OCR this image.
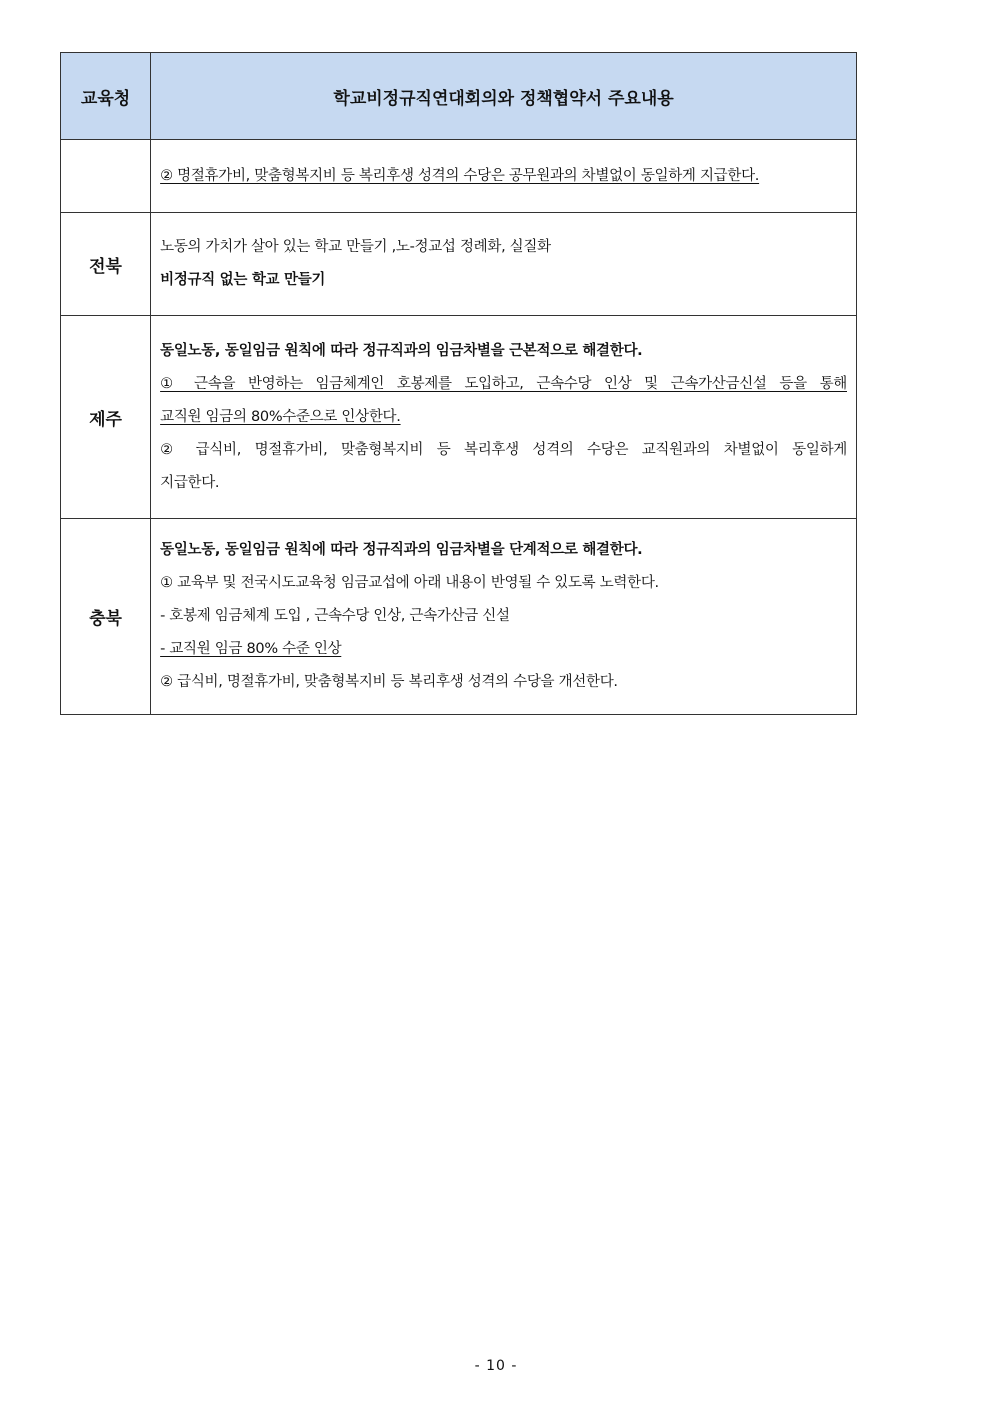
교육청	학교비정규직연대회의와 정책협약서 주요내용

	② 명절휴가비, 맞춤형복지비 등 복리후생 성격의 수당은 공무원과의 차별없이 동일하게 지급한다.

전북	노동의 가치가 살아 있는 학교 만들기 ,노-정교섭 정례화, 실질화
비정규직 없는 학교 만들기

제주	동일노동, 동일임금 원칙에 따라 정규직과의 임금차별을 근본적으로 해결한다.
① 근속을 반영하는 임금체계인 호봉제를 도입하고, 근속수당 인상 및 근속가산금신설 등을 통해
교직원 임금의 80%수준으로 인상한다.
② 급식비, 명절휴가비, 맞춤형복지비 등 복리후생 성격의 수당은 교직원과의 차별없이 동일하게
지급한다.

충북	동일노동, 동일임금 원칙에 따라 정규직과의 임금차별을 단계적으로 해결한다.
① 교육부 및 전국시도교육청 임금교섭에 아래 내용이 반영될 수 있도록 노력한다.
- 호봉제 임금체계 도입 , 근속수당 인상, 근속가산금 신설
- 교직원 임금 80% 수준 인상
② 급식비, 명절휴가비, 맞춤형복지비 등 복리후생 성격의 수당을 개선한다.
- 10 -
